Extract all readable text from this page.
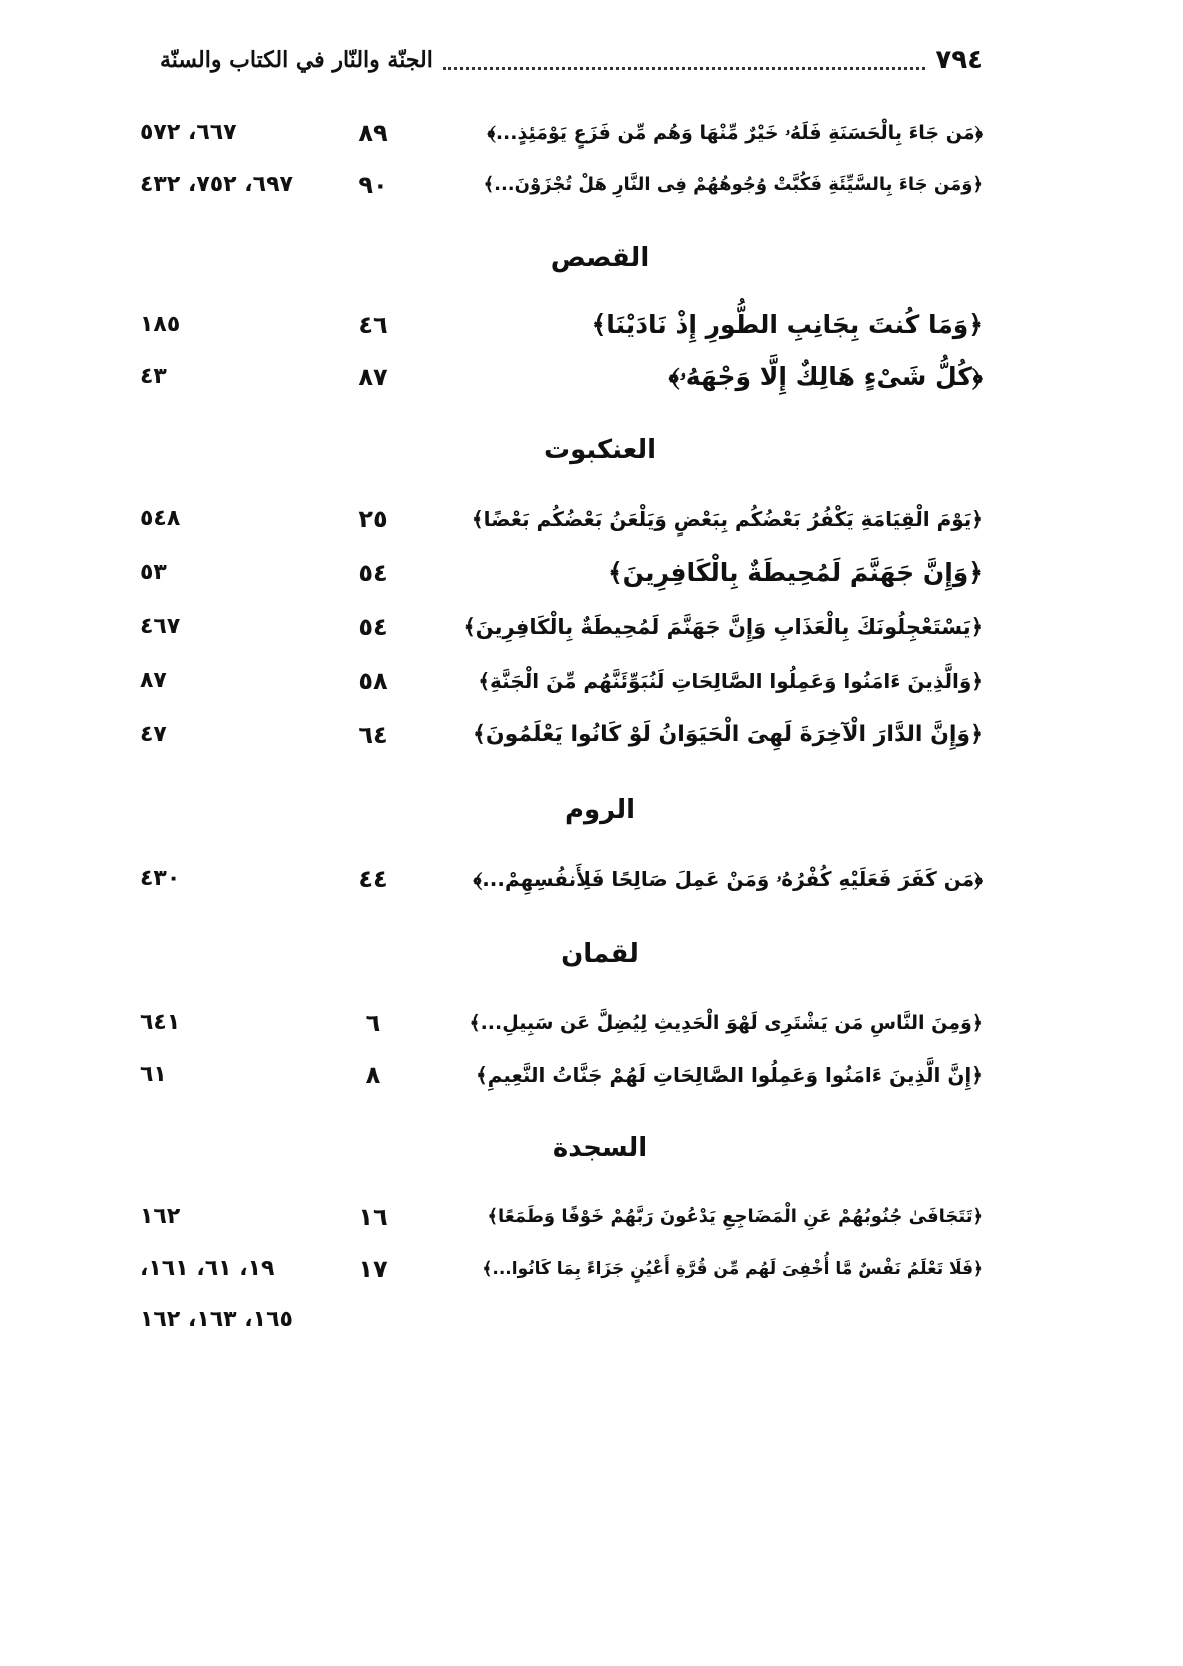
٧٩٤
الجنّة والنّار في الكتاب والسنّة
﴿مَن جَاءَ بِالْحَسَنَةِ فَلَهُۥ خَيْرٌ مِّنْهَا وَهُم مِّن فَزَعٍ يَوْمَئِذٍ...﴾
٨٩
٦٦٧، ٥٧٢
﴿وَمَن جَاءَ بِالسَّيِّئَةِ فَكُبَّتْ وُجُوهُهُمْ فِى النَّارِ هَلْ تُجْزَوْنَ...﴾
٩٠
٦٩٧، ٧٥٢، ٤٣٢
القصص
﴿وَمَا كُنتَ بِجَانِبِ الطُّورِ إِذْ نَادَيْنَا﴾
٤٦
١٨٥
﴿كُلُّ شَىْءٍ هَالِكٌ إِلَّا وَجْهَهُۥ﴾
٨٧
٤٣
العنكبوت
﴿يَوْمَ الْقِيَامَةِ يَكْفُرُ بَعْضُكُم بِبَعْضٍ وَيَلْعَنُ بَعْضُكُم بَعْضًا﴾
٢٥
٥٤٨
﴿وَإِنَّ جَهَنَّمَ لَمُحِيطَةٌ بِالْكَافِرِينَ﴾
٥٤
٥٣
﴿يَسْتَعْجِلُونَكَ بِالْعَذَابِ وَإِنَّ جَهَنَّمَ لَمُحِيطَةٌ بِالْكَافِرِينَ﴾
٥٤
٤٦٧
﴿وَالَّذِينَ ءَامَنُوا وَعَمِلُوا الصَّالِحَاتِ لَنُبَوِّئَنَّهُم مِّنَ الْجَنَّةِ﴾
٥٨
٨٧
﴿وَإِنَّ الدَّارَ الْآخِرَةَ لَهِىَ الْحَيَوَانُ لَوْ كَانُوا يَعْلَمُونَ﴾
٦٤
٤٧
الروم
﴿مَن كَفَرَ فَعَلَيْهِ كُفْرُهُۥ وَمَنْ عَمِلَ صَالِحًا فَلِأَنفُسِهِمْ...﴾
٤٤
٤٣٠
لقمان
﴿وَمِنَ النَّاسِ مَن يَشْتَرِى لَهْوَ الْحَدِيثِ لِيُضِلَّ عَن سَبِيلِ...﴾
٦
٦٤١
﴿إِنَّ الَّذِينَ ءَامَنُوا وَعَمِلُوا الصَّالِحَاتِ لَهُمْ جَنَّاتُ النَّعِيمِ﴾
٨
٦١
السجدة
﴿تَتَجَافَىٰ جُنُوبُهُمْ عَنِ الْمَضَاجِعِ يَدْعُونَ رَبَّهُمْ خَوْفًا وَطَمَعًا﴾
١٦
١٦٢
﴿فَلَا تَعْلَمُ نَفْسٌ مَّا أُخْفِىَ لَهُم مِّن قُرَّةِ أَعْيُنٍ جَزَاءً بِمَا كَانُوا...﴾
١٧
١٩، ٦١، ١٦١،
١٦٥، ١٦٣، ١٦٢
